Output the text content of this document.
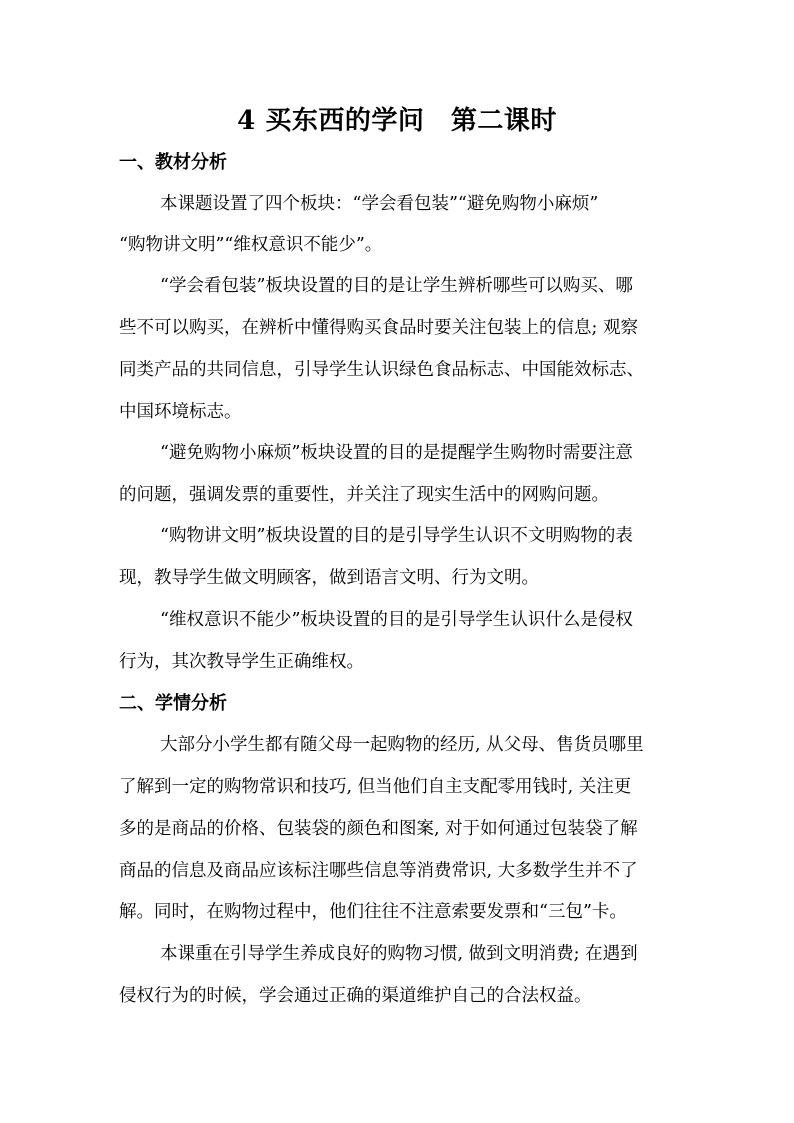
4 买东西的学问　第二课时
一、教材分析
本课题设置了四个板块：“学会看包装”“避免购物小麻烦”
“购物讲文明”“维权意识不能少”。
“学会看包装”板块设置的目的是让学生辨析哪些可以购买、哪
些不可以购买，在辨析中懂得购买食品时要关注包装上的信息; 观察
同类产品的共同信息，引导学生认识绿色食品标志、中国能效标志、
中国环境标志。
“避免购物小麻烦”板块设置的目的是提醒学生购物时需要注意
的问题，强调发票的重要性，并关注了现实生活中的网购问题。
“购物讲文明”板块设置的目的是引导学生认识不文明购物的表
现，教导学生做文明顾客，做到语言文明、行为文明。
“维权意识不能少”板块设置的目的是引导学生认识什么是侵权
行为，其次教导学生正确维权。
二、学情分析
大部分小学生都有随父母一起购物的经历, 从父母、售货员哪里
了解到一定的购物常识和技巧, 但当他们自主支配零用钱时, 关注更
多的是商品的价格、包装袋的颜色和图案, 对于如何通过包装袋了解
商品的信息及商品应该标注哪些信息等消费常识, 大多数学生并不了
解。同时，在购物过程中，他们往往不注意索要发票和“三包”卡。
本课重在引导学生养成良好的购物习惯, 做到文明消费; 在遇到
侵权行为的时候，学会通过正确的渠道维护自己的合法权益。
